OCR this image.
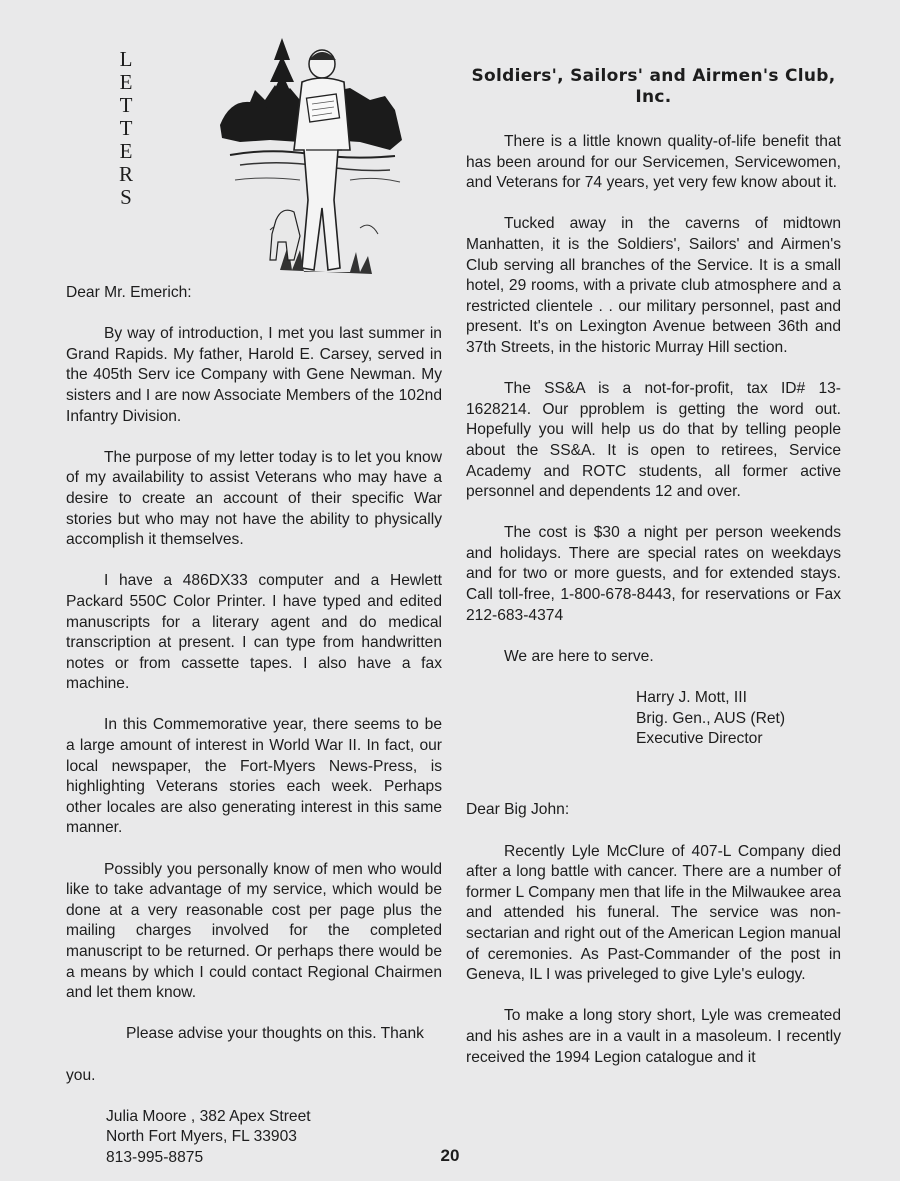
L
E
T
T
E
R
S

Dear Mr. Emerich:

By way of introduction, I met you last summer in Grand Rapids. My father, Harold E. Carsey, served in the 405th Serv ice Company with Gene Newman. My sisters and I are now Associate Members of the 102nd Infantry Division.

The purpose of my letter today is to let you know of my availability to assist Veterans who may have a desire to create an account of their specific War stories but who may not have the ability to physically accomplish it themselves.

I have a 486DX33 computer and a Hewlett Packard 550C Color Printer. I have typed and edited manuscripts for a literary agent and do medical transcription at present. I can type from handwritten notes or from cassette tapes. I also have a fax machine.

In this Commemorative year, there seems to be a large amount of interest in World War II. In fact, our local newspaper, the Fort-Myers News-Press, is highlighting Veterans stories each week. Perhaps other locales are also generating interest in this same manner.

Possibly you personally know of men who would like to take advantage of my service, which would be done at a very reasonable cost per page plus the mailing charges involved for the completed manuscript to be returned. Or perhaps there would be a means by which I could contact Regional Chairmen and let them know.

Please advise your thoughts on this. Thank

you.

Julia Moore , 382 Apex Street
North Fort Myers, FL 33903
813-995-8875
Soldiers', Sailors' and Airmen's Club,
Inc.

There is a little known quality-of-life benefit that has been around for our Servicemen, Servicewomen, and Veterans for 74 years, yet very few know about it.

Tucked away in the caverns of midtown Manhatten, it is the Soldiers', Sailors' and Airmen's Club serving all branches of the Service. It is a small hotel, 29 rooms, with a private club atmosphere and a restricted clientele . . our military personnel, past and present. It's on Lexington Avenue between 36th and 37th Streets, in the historic Murray Hill section.

The SS&A is a not-for-profit, tax ID# 13-1628214. Our pproblem is getting the word out. Hopefully you will help us do that by telling people about the SS&A. It is open to retirees, Service Academy and ROTC students, all former active personnel and dependents 12 and over.

The cost is $30 a night per person weekends and holidays. There are special rates on weekdays and for two or more guests, and for extended stays. Call toll-free, 1-800-678-8443, for reservations or Fax 212-683-4374

We are here to serve.

Harry J. Mott, III
Brig. Gen., AUS (Ret)
Executive Director

Dear Big John:

Recently Lyle McClure of 407-L Company died after a long battle with cancer. There are a number of former L Company men that life in the Milwaukee area and attended his funeral. The service was non-sectarian and right out of the American Legion manual of ceremonies. As Past-Commander of the post in Geneva, IL I was priveleged to give Lyle's eulogy.

To make a long story short, Lyle was cremeated and his ashes are in a vault in a masoleum. I recently received the 1994 Legion catalogue and it

20
